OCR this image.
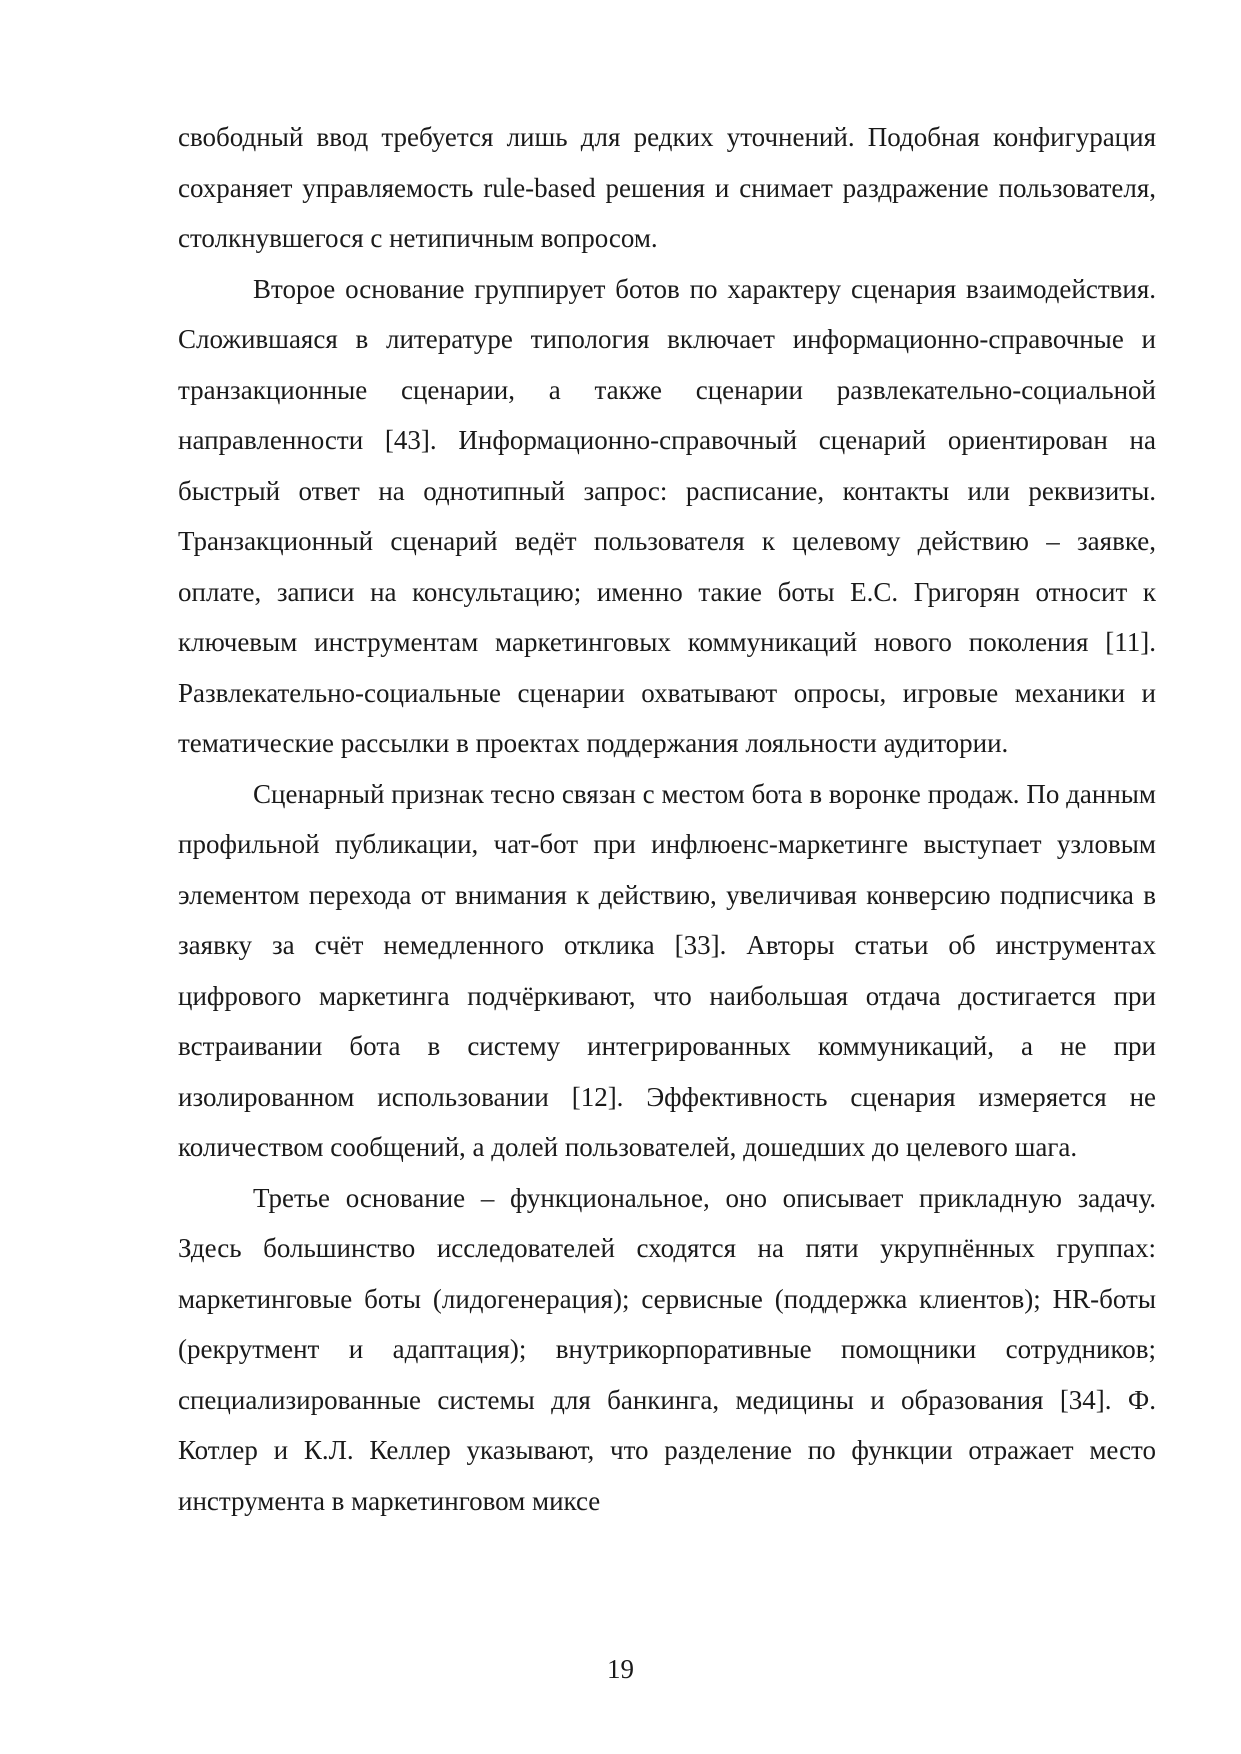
свободный ввод требуется лишь для редких уточнений. Подобная конфигурация сохраняет управляемость rule-based решения и снимает раздражение пользователя, столкнувшегося с нетипичным вопросом.

Второе основание группирует ботов по характеру сценария взаимодействия. Сложившаяся в литературе типология включает информационно-справочные и транзакционные сценарии, а также сценарии развлекательно-социальной направленности [43]. Информационно-справочный сценарий ориентирован на быстрый ответ на однотипный запрос: расписание, контакты или реквизиты. Транзакционный сценарий ведёт пользователя к целевому действию – заявке, оплате, записи на консультацию; именно такие боты Е.С. Григорян относит к ключевым инструментам маркетинговых коммуникаций нового поколения [11]. Развлекательно-социальные сценарии охватывают опросы, игровые механики и тематические рассылки в проектах поддержания лояльности аудитории.

Сценарный признак тесно связан с местом бота в воронке продаж. По данным профильной публикации, чат-бот при инфлюенс-маркетинге выступает узловым элементом перехода от внимания к действию, увеличивая конверсию подписчика в заявку за счёт немедленного отклика [33]. Авторы статьи об инструментах цифрового маркетинга подчёркивают, что наибольшая отдача достигается при встраивании бота в систему интегрированных коммуникаций, а не при изолированном использовании [12]. Эффективность сценария измеряется не количеством сообщений, а долей пользователей, дошедших до целевого шага.

Третье основание – функциональное, оно описывает прикладную задачу. Здесь большинство исследователей сходятся на пяти укрупнённых группах: маркетинговые боты (лидогенерация); сервисные (поддержка клиентов); HR-боты (рекрутмент и адаптация); внутрикорпоративные помощники сотрудников; специализированные системы для банкинга, медицины и образования [34]. Ф. Котлер и К.Л. Келлер указывают, что разделение по функции отражает место инструмента в маркетинговом миксе

19
